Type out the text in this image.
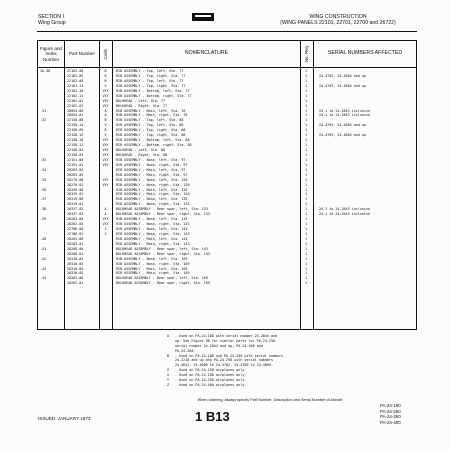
SECTION I
Wing Group
WING CONSTRUCTION
(WING PANELS 22101, 22701, 22700 and 26722)
Figure and Index Number
Part Number	Code	NOMENCLATURE	No. Req	SERIAL NUMBERS AFFECTED
3A-58	22162-08	B	RIB ASSEMBLY - Top, left, Sta. 77	1
22162-09	B	RIB ASSEMBLY - Top, right, Sta. 77	1	24-4703, 24-4804 and up
22162-09	B	RIB ASSEMBLY - Top, left, Sta. 77	1
22162-13	V	RIB ASSEMBLY - Top, right, Sta. 77	1	24-4703, 24-4804 and up
22162-10	VXY	RIB ASSEMBLY - Bottom, left, Sta. 77	1
22162-11	VXY	RIB ASSEMBLY - Bottom, right, Sta. 77	1
22162-02	VXY	BULKHEAD - Left, Sta. 77	1
22162-03	VXY	BULKHEAD - Right, Sta. 77	1
-31	20054-00	A	RIB ASSEMBLY - Main, left, Sta. 78	1	24-1 to 24-2843 inclusive
20054-01	A	RIB ASSEMBLY - Main, right, Sta. 78	1	24-1 to 24-2843 inclusive
-32	22158-08	B	RIB ASSEMBLY - Top, left, Sta. 88	1
22158-14	V	RIB ASSEMBLY - Top, left, Sta. 88	1	24-4703, 24-4804 and up
22158-09	B	RIB ASSEMBLY - Top, right, Sta. 88	1
22158-15	V	RIB ASSEMBLY - Top, right, Sta. 88	1	24-4703, 24-4804 and up
22158-10	VXY	RIB ASSEMBLY - Bottom, left, Sta. 88	1
22158-11	VXY	RIB ASSEMBLY - Bottom, right, Sta. 88	1
22158-02	VXY	BULKHEAD - Left, Sta. 88	1
22158-03	VXY	BULKHEAD - Right, Sta. 88	1
-33	22151-00	VXY	RIB ASSEMBLY - Nose, left, Sta. 97	1
22151-01	VXY	RIB ASSEMBLY - Nose, right, Sta. 97	1
-34	20263-04	RIB ASSEMBLY - Main, left, Sta. 97	1
20263-05	RIB ASSEMBLY - Main, right, Sta. 97	1
-35	20270-00	VXY	RIB ASSEMBLY - Nose, left, Sta. 120	1
20270-01	VXY	RIB ASSEMBLY - Nose, right, Sta. 120	1
-36	20349-00	RIB ASSEMBLY - Main, left, Sta. 120	1
20349-01	RIB ASSEMBLY - Main, right, Sta. 120	1
-37	20319-00	RIB ASSEMBLY - Nose, left, Sta. 135	1
20319-01	RIB ASSEMBLY - Nose, right, Sta. 135	1
-38	20337-02	A	BULKHEAD ASSEMBLY - Rear spar, left, Sta. 133	1	24-1 to 24-2643 inclusive
20337-03	A	BULKHEAD ASSEMBLY - Rear spar, right, Sta. 133	1	24-1 to 24-2643 inclusive
-39	20262-00	VXY	RIB ASSEMBLY - Nose, left, Sta. 143	1
20262-03	VXY	RIB ASSEMBLY - Nose, right, Sta. 143	1
22786-00	Z	RIB ASSEMBLY - Nose, left, Sta. 143	1
22786-01	Z	RIB ASSEMBLY - Nose, right, Sta. 143	1
-40	20263-00	RIB ASSEMBLY - Main, left, Sta. 143	1
20263-01	RIB ASSEMBLY - Main, right, Sta. 143	1
-41	20268-00	BULKHEAD ASSEMBLY - Rear spar, left, Sta. 143	1
20268-01	BULKHEAD ASSEMBLY - Rear spar, right, Sta. 143	1
-42	20310-02	RIB ASSEMBLY - Nose, left, Sta. 169	1
20310-03	RIB ASSEMBLY - Nose, right, Sta. 169	1
-43	20310-04	RIB ASSEMBLY - Main, left, Sta. 169	1
20310-05	RIB ASSEMBLY - Main, right, Sta. 169	1
-44	20262-00	BULKHEAD ASSEMBLY - Rear spar, left, Sta. 169	1
20262-01	BULKHEAD ASSEMBLY - Rear spar, right, Sta. 169	1
A - Used on PA-24-180 with serial number 24-2844 and
up. See Figure 3B for similar parts for PA-24-250
serial number 24-2844 and up, PA-24-400 and
PA-24-260.
B - Used on PA-24-180 and PA-24-250 with serial numbers
24-2210 and up and PA-24-250 with serial numbers
24-3642, 24-4000 to 24-4702, 24-4780 to 24-4803.
V - Used on PA-24-250 airplanes only.
X - Used on PA-24-180 airplanes only.
Y - Used on PA-24-250 airplanes only.
Z - Used on PA-24-400 airplanes only.
When ordering, always specify Part Number, Description and Serial Number of Aircraft
ISSUED: JANUARY 1973	1 B13
PA-24-180
PA-24-250
PA-24-260
PA-24-400
